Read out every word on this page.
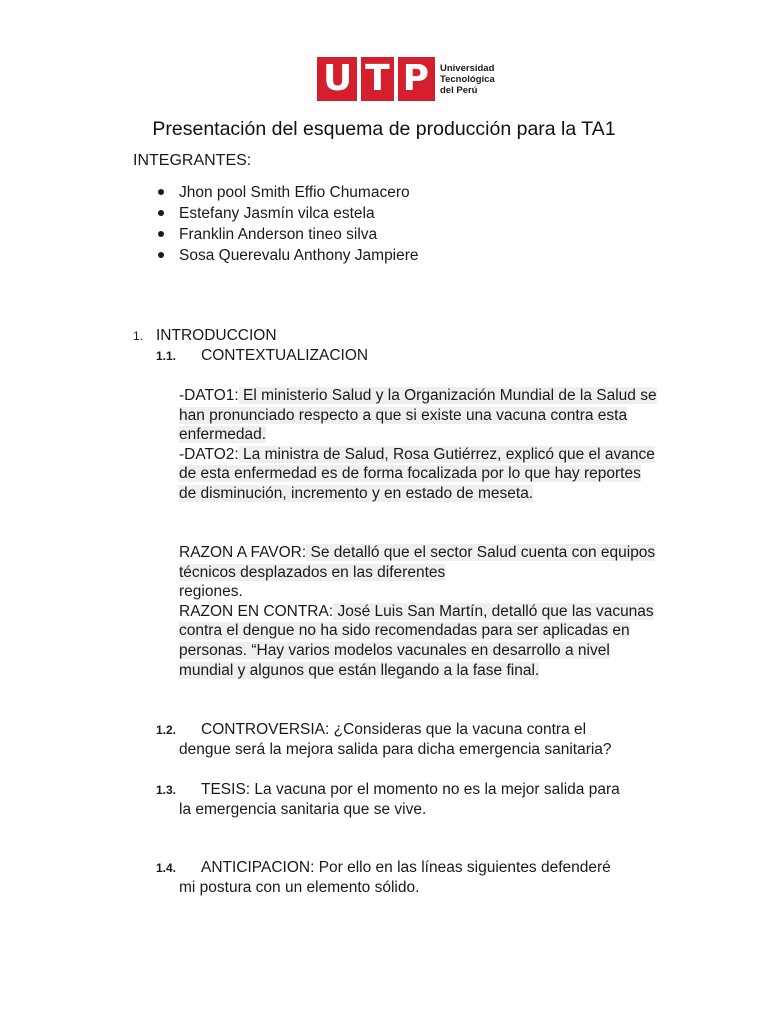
U T P Universidad
Tecnológica
del Perú
Presentación del esquema de producción para la TA1
INTEGRANTES:
Jhon pool Smith Effio Chumacero
Estefany Jasmín vilca estela
Franklin Anderson tineo silva
Sosa Querevalu Anthony Jampiere
1. INTRODUCCION
1.1. CONTEXTUALIZACION

-DATO1: El ministerio Salud y la Organización Mundial de la Salud se han pronunciado respecto a que si existe una vacuna contra esta enfermedad.

-DATO2: La ministra de Salud, Rosa Gutiérrez, explicó que el avance de esta enfermedad es de forma focalizada por lo que hay reportes de disminución, incremento y en estado de meseta.

RAZON A FAVOR: Se detalló que el sector Salud cuenta con equipos técnicos desplazados en las diferentes
regiones.

RAZON EN CONTRA: José Luis San Martín, detalló que las vacunas contra el dengue no ha sido recomendadas para ser aplicadas en personas. “Hay varios modelos vacunales en desarrollo a nivel mundial y algunos que están llegando a la fase final.

1.2. CONTROVERSIA: ¿Consideras que la vacuna contra el
dengue será la mejora salida para dicha emergencia sanitaria?
1.3. TESIS: La vacuna por el momento no es la mejor salida para
la emergencia sanitaria que se vive.
1.4. ANTICIPACION: Por ello en las líneas siguientes defenderé
mi postura con un elemento sólido.
